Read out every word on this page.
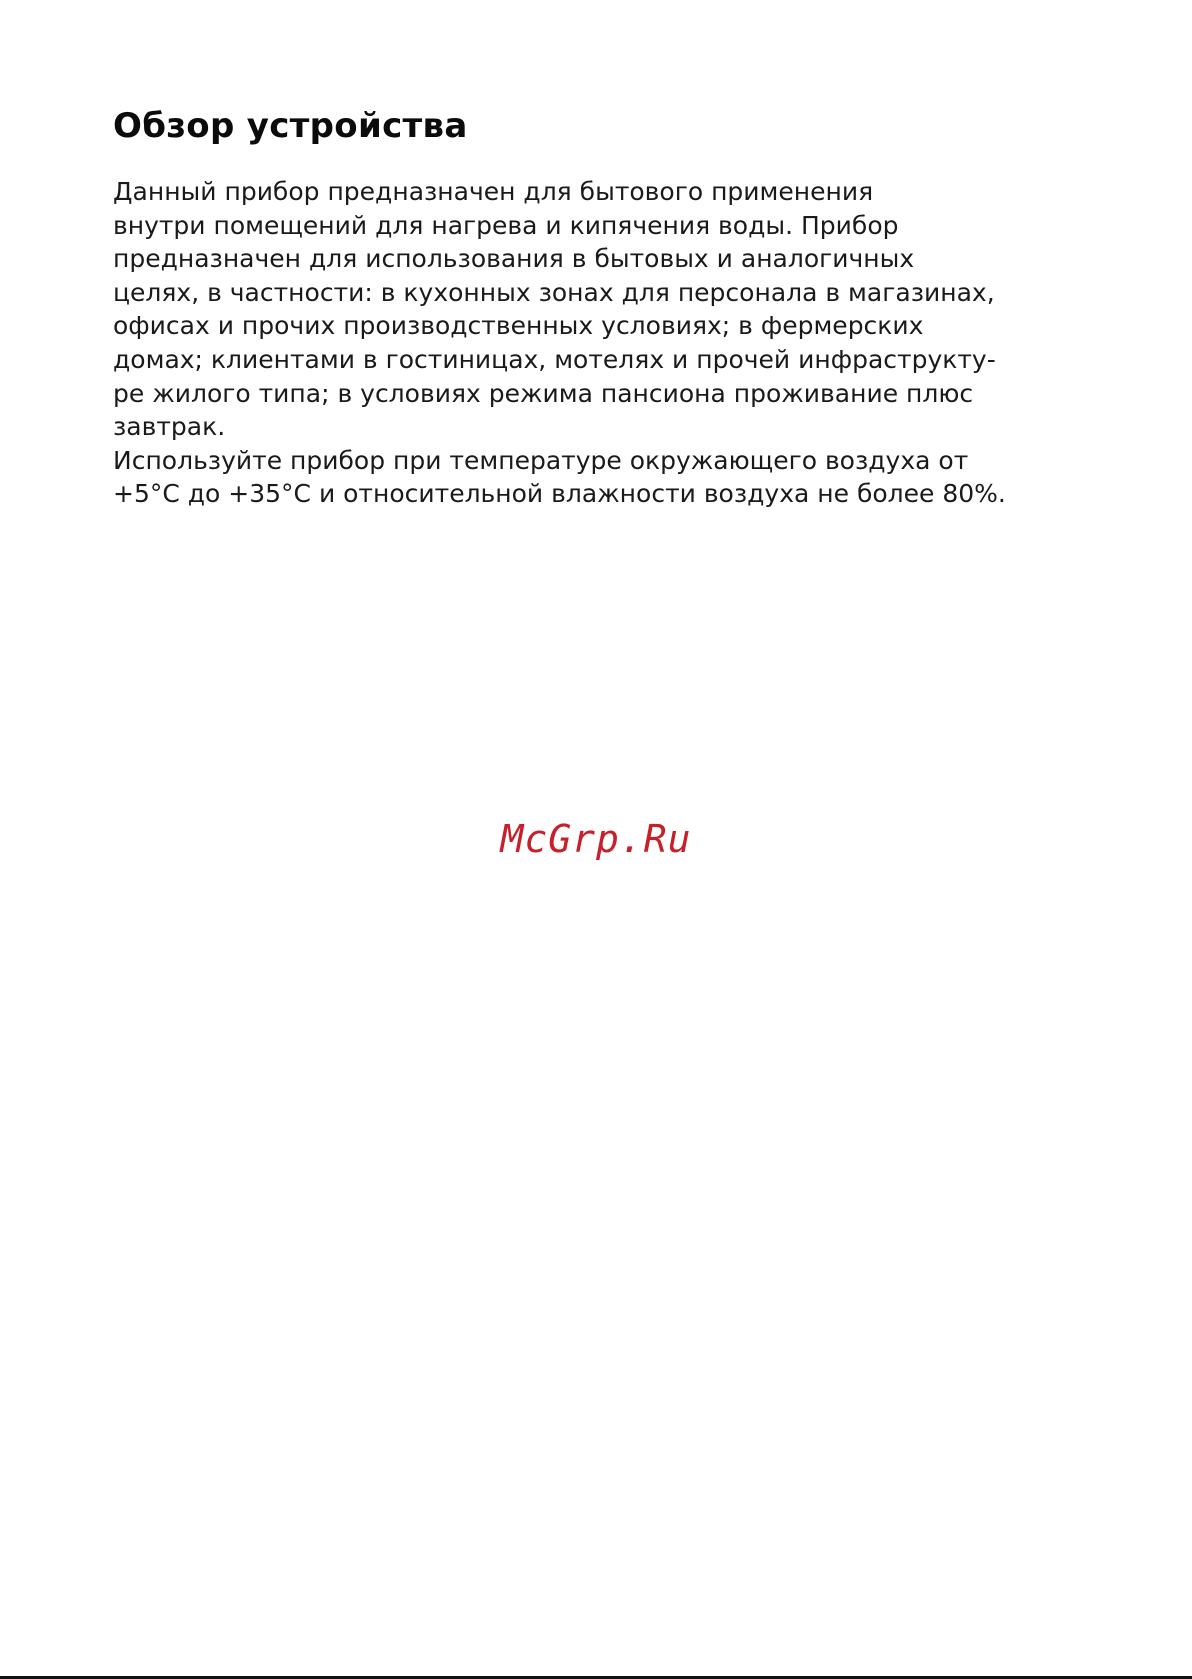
Обзор устройства

Данный прибор предназначен для бытового применения
внутри помещений для нагрева и кипячения воды. Прибор
предназначен для использования в бытовых и аналогичных
целях, в частности: в кухонных зонах для персонала в магазинах,
офисах и прочих производственных условиях; в фермерских
домах; клиентами в гостиницах, мотелях и прочей инфраструкту-
ре жилого типа; в условиях режима пансиона проживание плюс
завтрак.

Используйте прибор при температуре окружающего воздуха от
+5°С до +35°С и относительной влажности воздуха не более 80%.

McGrp.Ru
